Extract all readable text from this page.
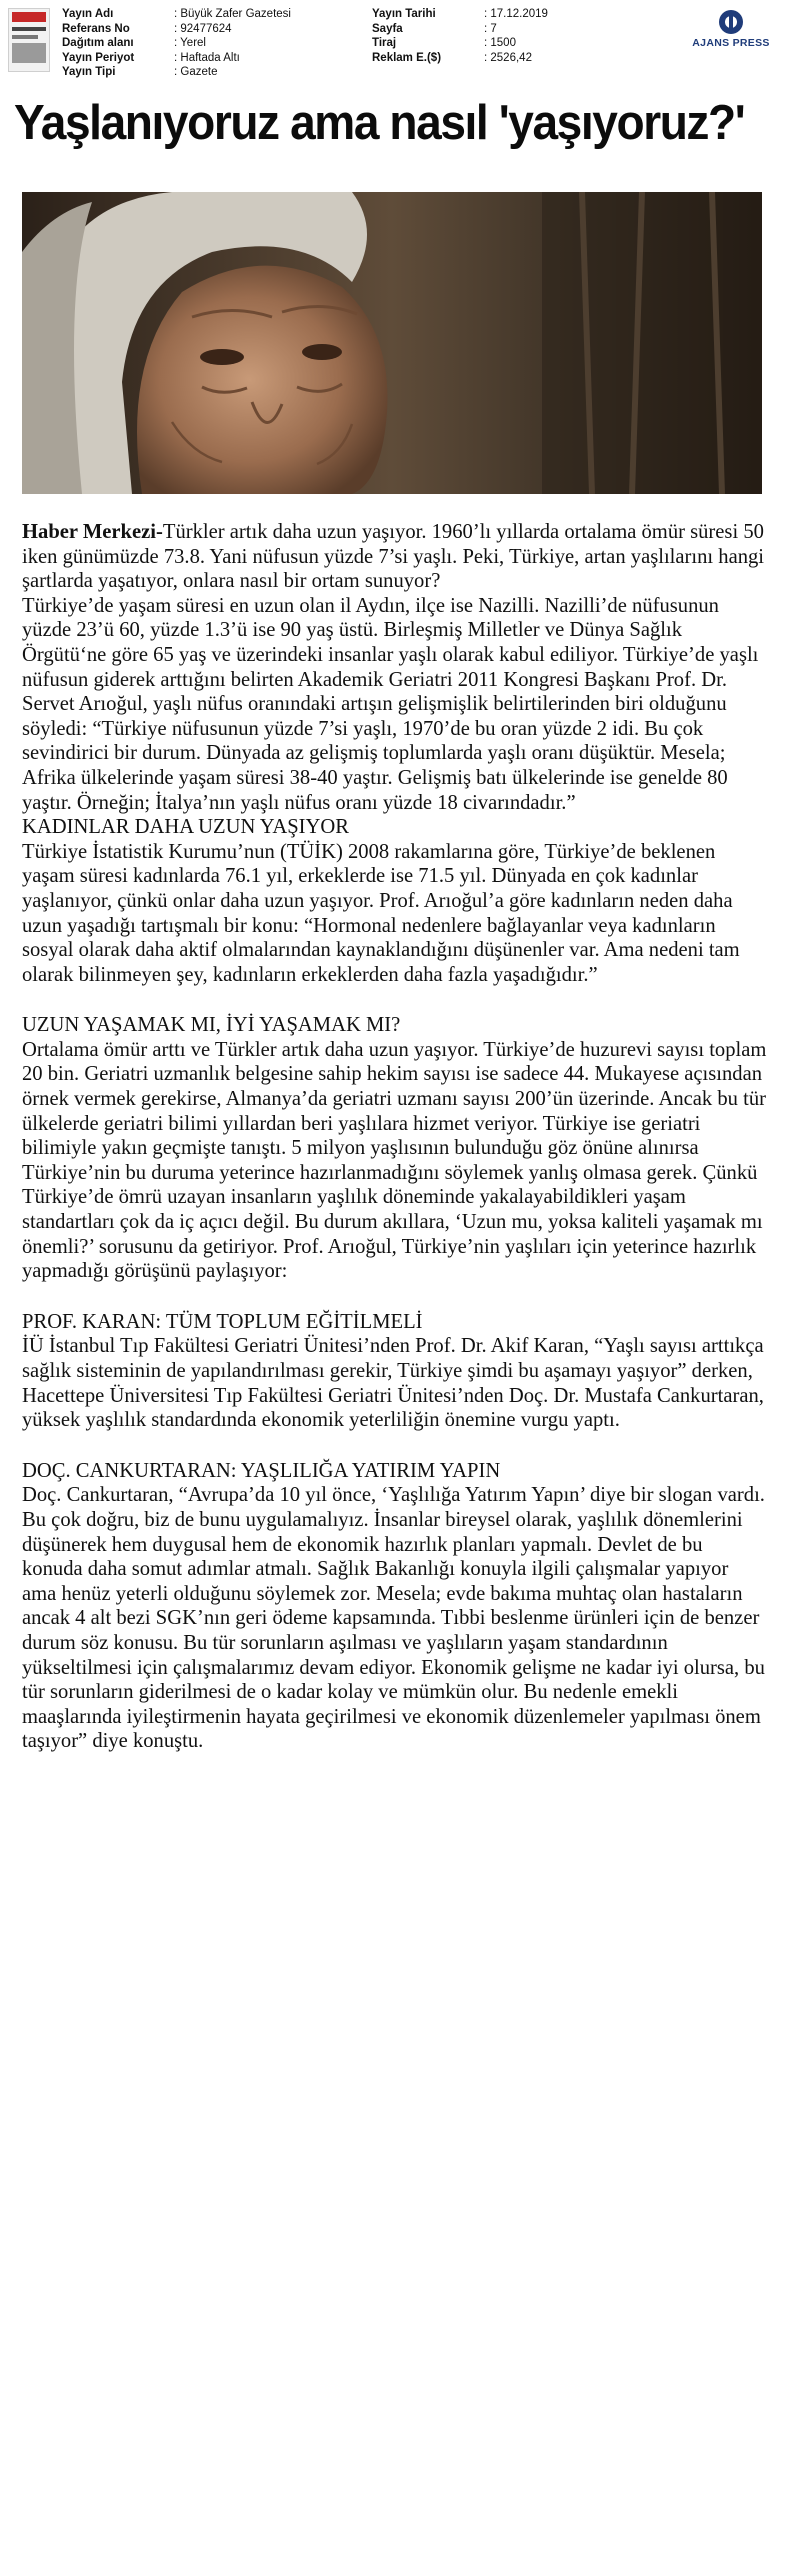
Yayın Adı	: Büyük Zafer Gazetesi
Referans No	: 92477624
Dağıtım alanı	: Yerel
Yayın Periyot	: Haftada Altı
Yayın Tipi	: Gazete
Yayın Tarihi	: 17.12.2019
Sayfa	: 7
Tiraj	: 1500
Reklam E.($)	: 2526,42
AJANS PRESS
Yaşlanıyoruz ama nasıl 'yaşıyoruz?'

Haber Merkezi-Türkler artık daha uzun yaşıyor. 1960’lı yıllarda ortalama ömür süresi 50 iken günümüzde 73.8. Yani nüfusun yüzde 7’si yaşlı. Peki, Türkiye, artan yaşlılarını hangi şartlarda yaşatıyor, onlara nasıl bir ortam sunuyor?

Türkiye’de yaşam süresi en uzun olan il Aydın, ilçe ise Nazilli. Nazilli’de nüfusunun yüzde 23’ü 60, yüzde 1.3’ü ise 90 yaş üstü. Birleşmiş Milletler ve Dünya Sağlık Örgütü‘ne göre 65 yaş ve üzerindeki insanlar yaşlı olarak kabul ediliyor. Türkiye’de yaşlı nüfusun giderek arttığını belirten Akademik Geriatri 2011 Kongresi Başkanı Prof. Dr. Servet Arıoğul, yaşlı nüfus oranındaki artışın gelişmişlik belirtilerinden biri olduğunu söyledi: “Türkiye nüfusunun yüzde 7’si yaşlı, 1970’de bu oran yüzde 2 idi. Bu çok sevindirici bir durum. Dünyada az gelişmiş toplumlarda yaşlı oranı düşüktür. Mesela; Afrika ülkelerinde yaşam süresi 38-40 yaştır. Gelişmiş batı ülkelerinde ise genelde 80 yaştır. Örneğin; İtalya’nın yaşlı nüfus oranı yüzde 18 civarındadır.”

KADINLAR DAHA UZUN YAŞIYOR

Türkiye İstatistik Kurumu’nun (TÜİK) 2008 rakamlarına göre, Türkiye’de beklenen yaşam süresi kadınlarda 76.1 yıl, erkeklerde ise 71.5 yıl. Dünyada en çok kadınlar yaşlanıyor, çünkü onlar daha uzun yaşıyor. Prof. Arıoğul’a göre kadınların neden daha uzun yaşadığı tartışmalı bir konu: “Hormonal nedenlere bağlayanlar veya kadınların sosyal olarak daha aktif olmalarından kaynaklandığını düşünenler var. Ama nedeni tam olarak bilinmeyen şey, kadınların erkeklerden daha fazla yaşadığıdır.”

UZUN YAŞAMAK MI, İYİ YAŞAMAK MI?

Ortalama ömür arttı ve Türkler artık daha uzun yaşıyor. Türkiye’de huzurevi sayısı toplam 20 bin. Geriatri uzmanlık belgesine sahip hekim sayısı ise sadece 44. Mukayese açısından örnek vermek gerekirse, Almanya’da geriatri uzmanı sayısı 200’ün üzerinde. Ancak bu tür ülkelerde geriatri bilimi yıllardan beri yaşlılara hizmet veriyor. Türkiye ise geriatri bilimiyle yakın geçmişte tanıştı. 5 milyon yaşlısının bulunduğu göz önüne alınırsa Türkiye’nin bu duruma yeterince hazırlanmadığını söylemek yanlış olmasa gerek. Çünkü Türkiye’de ömrü uzayan insanların yaşlılık döneminde yakalayabildikleri yaşam standartları çok da iç açıcı değil. Bu durum akıllara, ‘Uzun mu, yoksa kaliteli yaşamak mı önemli?’ sorusunu da getiriyor. Prof. Arıoğul, Türkiye’nin yaşlıları için yeterince hazırlık yapmadığı görüşünü paylaşıyor:

PROF. KARAN: TÜM TOPLUM EĞİTİLMELİ

İÜ İstanbul Tıp Fakültesi Geriatri Ünitesi’nden Prof. Dr. Akif Karan, “Yaşlı sayısı arttıkça sağlık sisteminin de yapılandırılması gerekir, Türkiye şimdi bu aşamayı yaşıyor” derken, Hacettepe Üniversitesi Tıp Fakültesi Geriatri Ünitesi’nden Doç. Dr. Mustafa Cankurtaran, yüksek yaşlılık standardında ekonomik yeterliliğin önemine vurgu yaptı.

DOÇ. CANKURTARAN: YAŞLILIĞA YATIRIM YAPIN

Doç. Cankurtaran, “Avrupa’da 10 yıl önce, ‘Yaşlılığa Yatırım Yapın’ diye bir slogan vardı. Bu çok doğru, biz de bunu uygulamalıyız. İnsanlar bireysel olarak, yaşlılık dönemlerini düşünerek hem duygusal hem de ekonomik hazırlık planları yapmalı. Devlet de bu konuda daha somut adımlar atmalı. Sağlık Bakanlığı konuyla ilgili çalışmalar yapıyor ama henüz yeterli olduğunu söylemek zor. Mesela; evde bakıma muhtaç olan hastaların ancak 4 alt bezi SGK’nın geri ödeme kapsamında. Tıbbi beslenme ürünleri için de benzer durum söz konusu. Bu tür sorunların aşılması ve yaşlıların yaşam standardının yükseltilmesi için çalışmalarımız devam ediyor. Ekonomik gelişme ne kadar iyi olursa, bu tür sorunların giderilmesi de o kadar kolay ve mümkün olur. Bu nedenle emekli maaşlarında iyileştirmenin hayata geçirilmesi ve ekonomik düzenlemeler yapılması önem taşıyor” diye konuştu.
